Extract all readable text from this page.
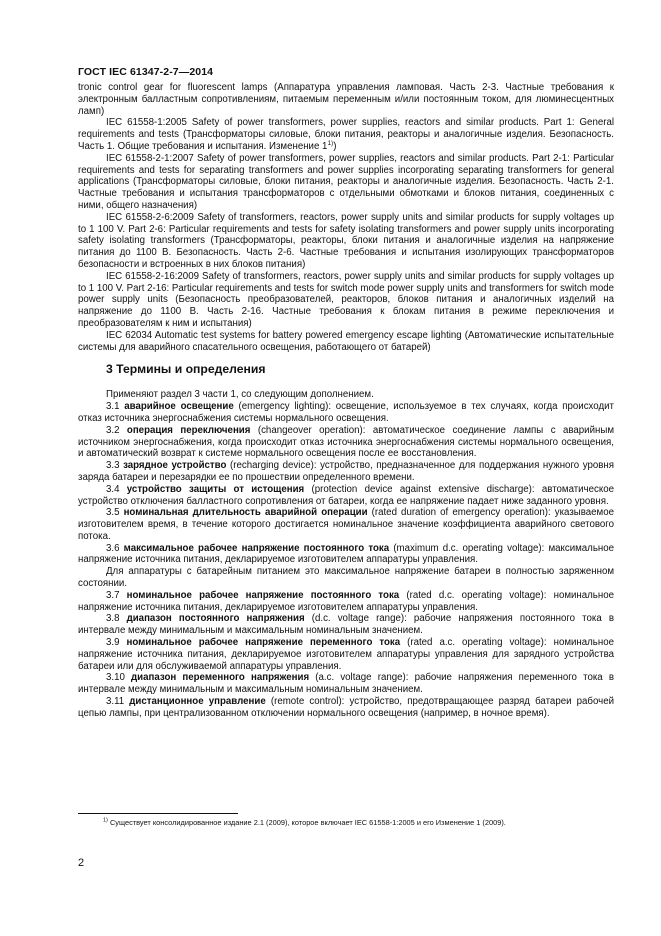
ГОСТ IEC 61347-2-7—2014

tronic control gear for fluorescent lamps (Аппаратура управления ламповая. Часть 2-3. Частные требования к электронным балластным сопротивлениям, питаемым переменным и/или постоянным током, для люминесцентных ламп)

IEC 61558-1:2005 Safety of power transformers, power supplies, reactors and similar products. Part 1: General requirements and tests (Трансформаторы силовые, блоки питания, реакторы и аналогичные изделия. Безопасность. Часть 1. Общие требования и испытания. Изменение 1$^{1)}$)

IEC 61558-2-1:2007 Safety of power transformers, power supplies, reactors and similar products. Part 2-1: Particular requirements and tests for separating transformers and power supplies incorporating separating transformers for general applications (Трансформаторы силовые, блоки питания, реакторы и аналогичные изделия. Безопасность. Часть 2-1. Частные требования и испытания трансформаторов с отдельными обмотками и блоков питания, соединенных с ними, общего назначения)

IEC 61558-2-6:2009 Safety of transformers, reactors, power supply units and similar products for supply voltages up to 1 100 V. Part 2-6: Particular requirements and tests for safety isolating transformers and power supply units incorporating safety isolating transformers (Трансформаторы, реакторы, блоки питания и аналогичные изделия на напряжение питания до 1100 В. Безопасность. Часть 2-6. Частные требования и испытания изолирующих трансформаторов безопасности и встроенных в них блоков питания)

IEC 61558-2-16:2009 Safety of transformers, reactors, power supply units and similar products for supply voltages up to 1 100 V. Part 2-16: Particular requirements and tests for switch mode power supply units and transformers for switch mode power supply units (Безопасность преобразователей, реакторов, блоков питания и аналогичных изделий на напряжение до 1100 В. Часть 2-16. Частные требования к блокам питания в режиме переключения и преобразователям к ним и испытания)

IEC 62034 Automatic test systems for battery powered emergency escape lighting (Автоматические испытательные системы для аварийного спасательного освещения, работающего от батарей)

3 Термины и определения

Применяют раздел 3 части 1, со следующим дополнением.

3.1 аварийное освещение (emergency lighting): освещение, используемое в тех случаях, когда происходит отказ источника энергоснабжения системы нормального освещения.

3.2 операция переключения (changeover operation): автоматическое соединение лампы с аварийным источником энергоснабжения, когда происходит отказ источника энергоснабжения системы нормального освещения, и автоматический возврат к системе нормального освещения после ее восстановления.

3.3 зарядное устройство (recharging device): устройство, предназначенное для поддержания нужного уровня заряда батареи и перезарядки ее по прошествии определенного времени.

3.4 устройство защиты от истощения (protection device against extensive discharge): автоматическое устройство отключения балластного сопротивления от батареи, когда ее напряжение падает ниже заданного уровня.

3.5 номинальная длительность аварийной операции (rated duration of emergency operation): указываемое изготовителем время, в течение которого достигается номинальное значение коэффициента аварийного светового потока.

3.6 максимальное рабочее напряжение постоянного тока (maximum d.c. operating voltage): максимальное напряжение источника питания, декларируемое изготовителем аппаратуры управления.

Для аппаратуры с батарейным питанием это максимальное напряжение батареи в полностью заряженном состоянии.

3.7 номинальное рабочее напряжение постоянного тока (rated d.c. operating voltage): номинальное напряжение источника питания, декларируемое изготовителем аппаратуры управления.

3.8 диапазон постоянного напряжения (d.c. voltage range): рабочие напряжения постоянного тока в интервале между минимальным и максимальным номинальным значением.

3.9 номинальное рабочее напряжение переменного тока (rated a.c. operating voltage): номинальное напряжение источника питания, декларируемое изготовителем аппаратуры управления для зарядного устройства батареи или для обслуживаемой аппаратуры управления.

3.10 диапазон переменного напряжения (a.c. voltage range): рабочие напряжения переменного тока в интервале между минимальным и максимальным номинальным значением.

3.11 дистанционное управление (remote control): устройство, предотвращающее разряд батареи рабочей цепью лампы, при централизованном отключении нормального освещения (например, в ночное время).

$^{1)}$ Существует консолидированное издание 2.1 (2009), которое включает IEC 61558-1:2005 и его Изменение 1 (2009).
2
